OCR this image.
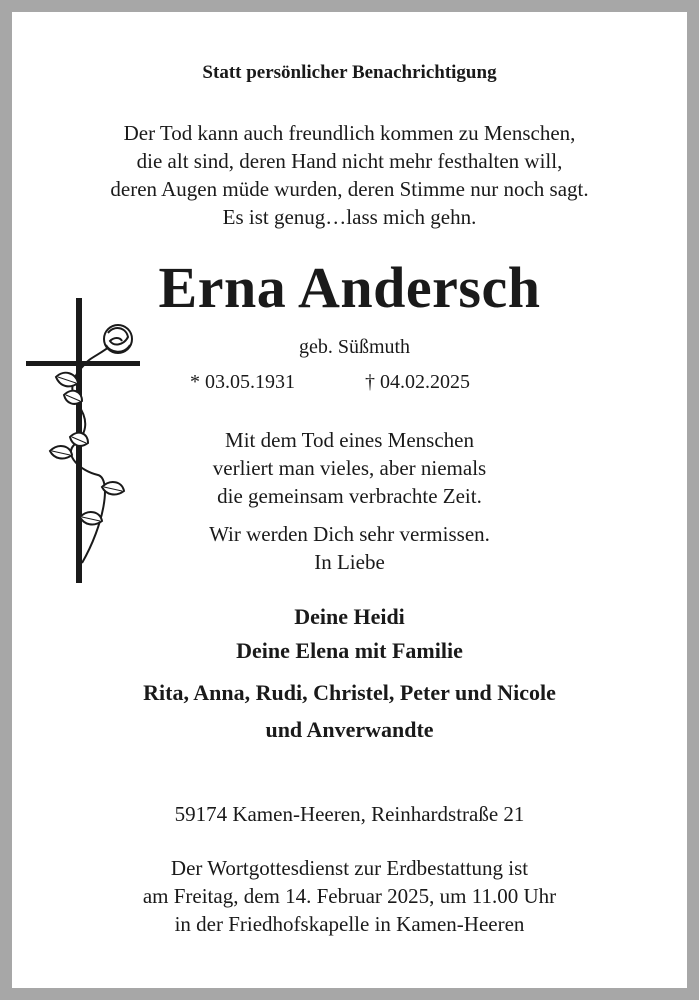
Statt persönlicher Benachrichtigung

Der Tod kann auch freundlich kommen zu Menschen,

die alt sind, deren Hand nicht mehr festhalten will,

deren Augen müde wurden, deren Stimme nur noch sagt.

Es ist genug…lass mich gehn.

Erna Andersch

geb. Süßmuth

* 03.05.1931	† 04.02.2025

Mit dem Tod eines Menschen

verliert man vieles, aber niemals

die gemeinsam verbrachte Zeit.

Wir werden Dich sehr vermissen.

In Liebe

Deine Heidi

Deine Elena mit Familie

Rita, Anna, Rudi, Christel, Peter und Nicole

und Anverwandte

59174 Kamen-Heeren, Reinhardstraße 21

Der Wortgottesdienst zur Erdbestattung ist

am Freitag, dem 14. Februar 2025, um 11.00 Uhr

in der Friedhofskapelle in Kamen-Heeren
